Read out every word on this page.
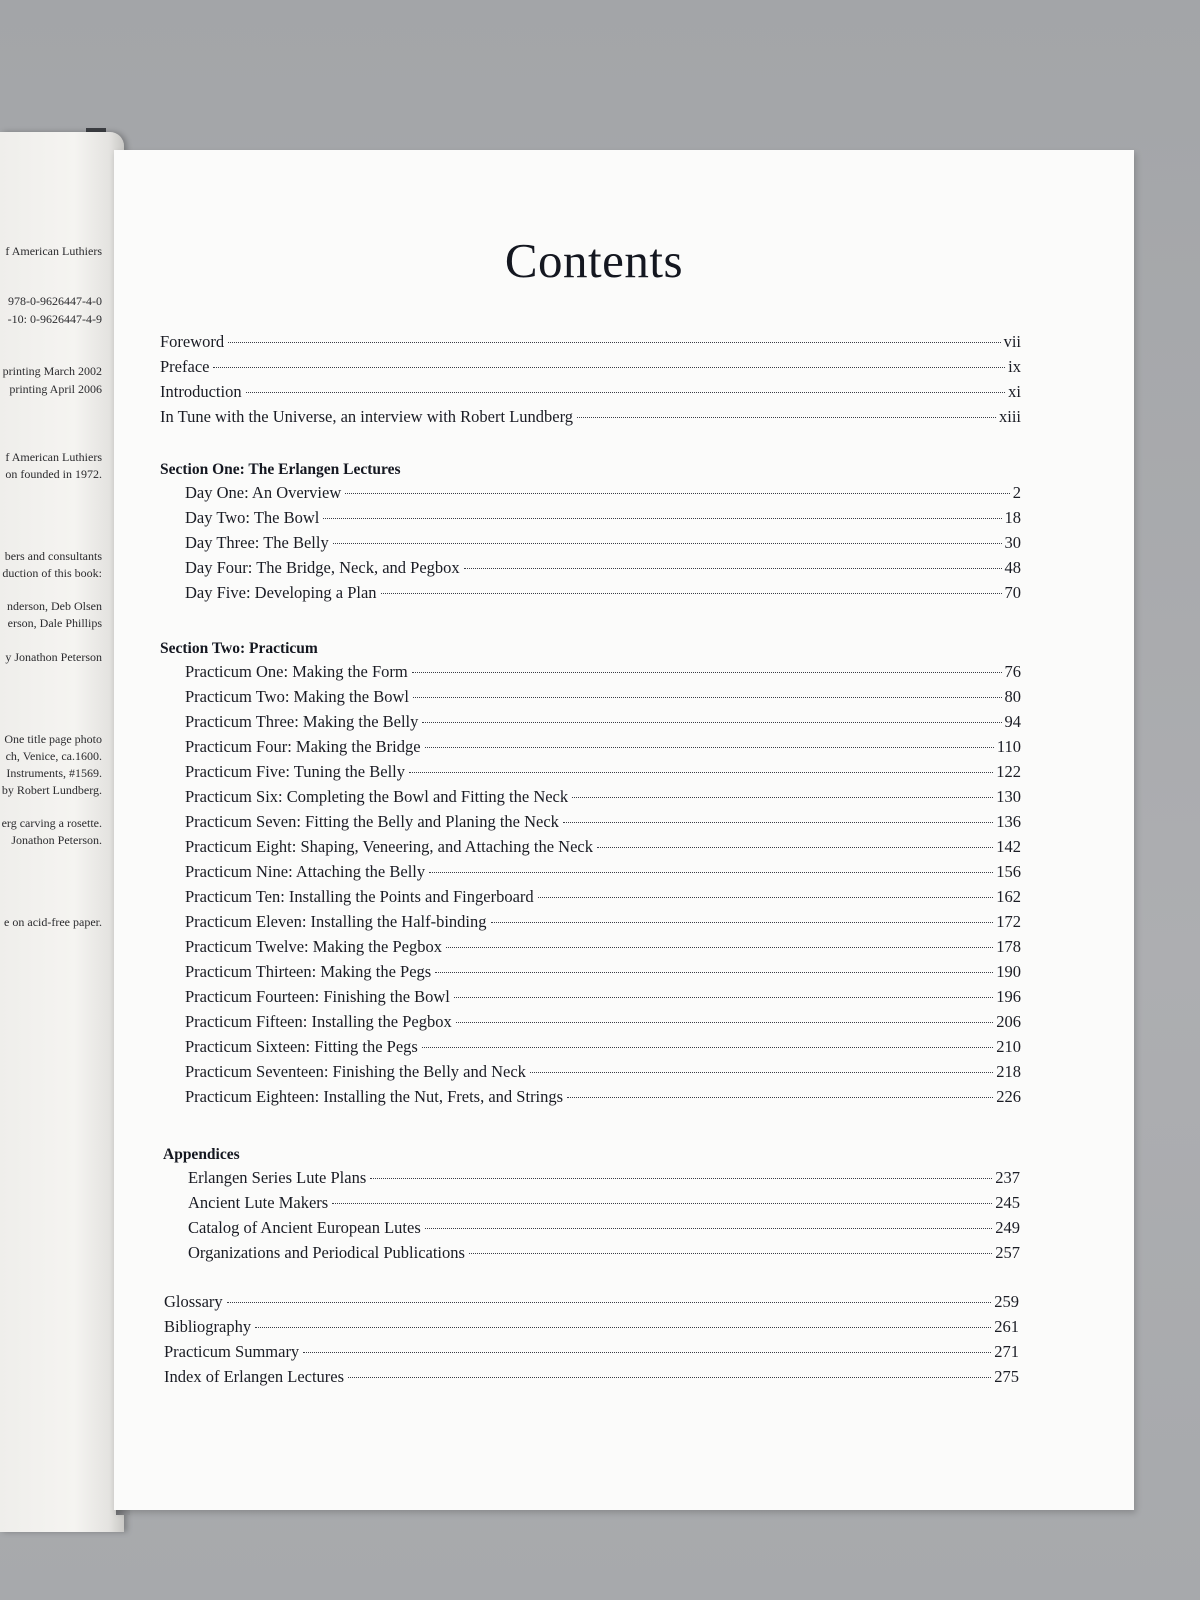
f American Luthiers
978-0-9626447-4-0
-10: 0-9626447-4-9
printing March 2002
printing April 2006
f American Luthiers
on founded in 1972.
bers and consultants
duction of this book:
nderson, Deb Olsen
erson, Dale Phillips
y Jonathon Peterson
One title page photo
ch, Venice, ca.1600.
Instruments, #1569.
by Robert Lundberg.
erg carving a rosette.
Jonathon Peterson.
e on acid-free paper.
Contents
Foreword	vii
Preface	ix
Introduction	xi
In Tune with the Universe, an interview with Robert Lundberg	xiii
Section One: The Erlangen Lectures
Day One: An Overview	2
Day Two: The Bowl	18
Day Three: The Belly	30
Day Four: The Bridge, Neck, and Pegbox	48
Day Five: Developing a Plan	70
Section Two: Practicum
Practicum One: Making the Form	76
Practicum Two: Making the Bowl	80
Practicum Three: Making the Belly	94
Practicum Four: Making the Bridge	110
Practicum Five: Tuning the Belly	122
Practicum Six: Completing the Bowl and Fitting the Neck	130
Practicum Seven: Fitting the Belly and Planing the Neck	136
Practicum Eight: Shaping, Veneering, and Attaching the Neck	142
Practicum Nine: Attaching the Belly	156
Practicum Ten: Installing the Points and Fingerboard	162
Practicum Eleven: Installing the Half-binding	172
Practicum Twelve: Making the Pegbox	178
Practicum Thirteen: Making the Pegs	190
Practicum Fourteen: Finishing the Bowl	196
Practicum Fifteen: Installing the Pegbox	206
Practicum Sixteen: Fitting the Pegs	210
Practicum Seventeen: Finishing the Belly and Neck	218
Practicum Eighteen: Installing the Nut, Frets, and Strings	226
Appendices
Erlangen Series Lute Plans	237
Ancient Lute Makers	245
Catalog of Ancient European Lutes	249
Organizations and Periodical Publications	257
Glossary	259
Bibliography	261
Practicum Summary	271
Index of Erlangen Lectures	275
